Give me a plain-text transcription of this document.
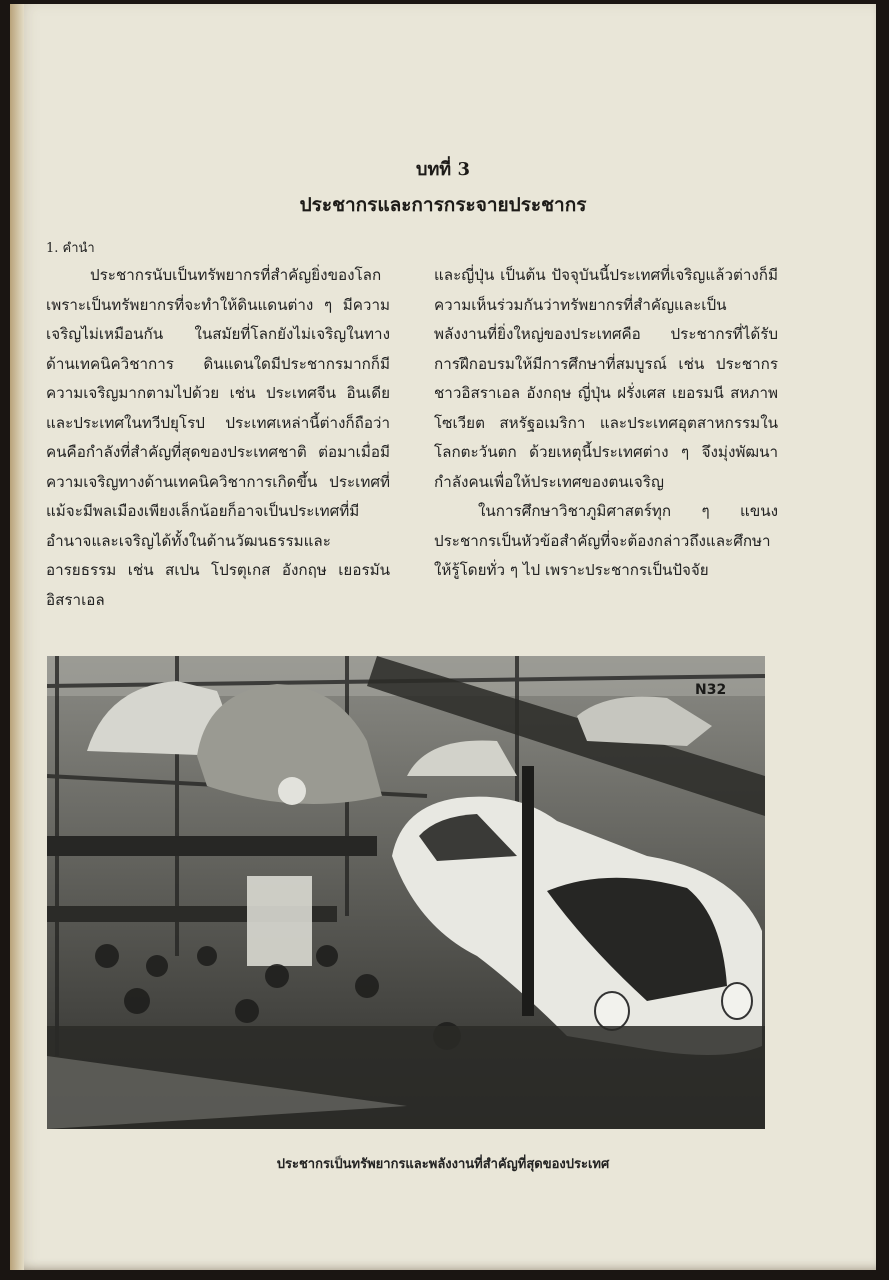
บทที่ 3
ประชากรและการกระจายประชากร
1. คำนำ

ประชากรนับเป็นทรัพยากรที่สำคัญยิ่งของโลก เพราะเป็นทรัพยากรที่จะทำให้ดินแดนต่าง ๆ มีความเจริญไม่เหมือนกัน ในสมัยที่โลกยังไม่เจริญในทางด้านเทคนิควิชาการ ดินแดนใดมีประชากรมากก็มีความเจริญมากตามไปด้วย เช่น ประเทศจีน อินเดีย และประเทศในทวีปยุโรป ประเทศเหล่านี้ต่างก็ถือว่า คนคือกำลังที่สำคัญที่สุดของประเทศชาติ ต่อมาเมื่อมีความเจริญทางด้านเทคนิควิชาการเกิดขึ้น ประเทศที่แม้จะมีพลเมืองเพียงเล็กน้อยก็อาจเป็นประเทศที่มีอำนาจและเจริญได้ทั้งในด้านวัฒนธรรมและอารยธรรม เช่น สเปน โปรตุเกส อังกฤษ เยอรมัน อิสราเอล

และญี่ปุ่น เป็นต้น ปัจจุบันนี้ประเทศที่เจริญแล้วต่างก็มีความเห็นร่วมกันว่าทรัพยากรที่สำคัญและเป็นพลังงานที่ยิ่งใหญ่ของประเทศคือ ประชากรที่ได้รับการฝึกอบรมให้มีการศึกษาที่สมบูรณ์ เช่น ประชากรชาวอิสราเอล อังกฤษ ญี่ปุ่น ฝรั่งเศส เยอรมนี สหภาพโซเวียต สหรัฐอเมริกา และประเทศอุตสาหกรรมในโลกตะวันตก ด้วยเหตุนี้ประเทศต่าง ๆ จึงมุ่งพัฒนากำลังคนเพื่อให้ประเทศของตนเจริญ

ในการศึกษาวิชาภูมิศาสตร์ทุก ๆ แขนง ประชากรเป็นหัวข้อสำคัญที่จะต้องกล่าวถึงและศึกษาให้รู้โดยทั่ว ๆ ไป เพราะประชากรเป็นปัจจัย

N32
ประชากรเป็นทรัพยากรและพลังงานที่สำคัญที่สุดของประเทศ
